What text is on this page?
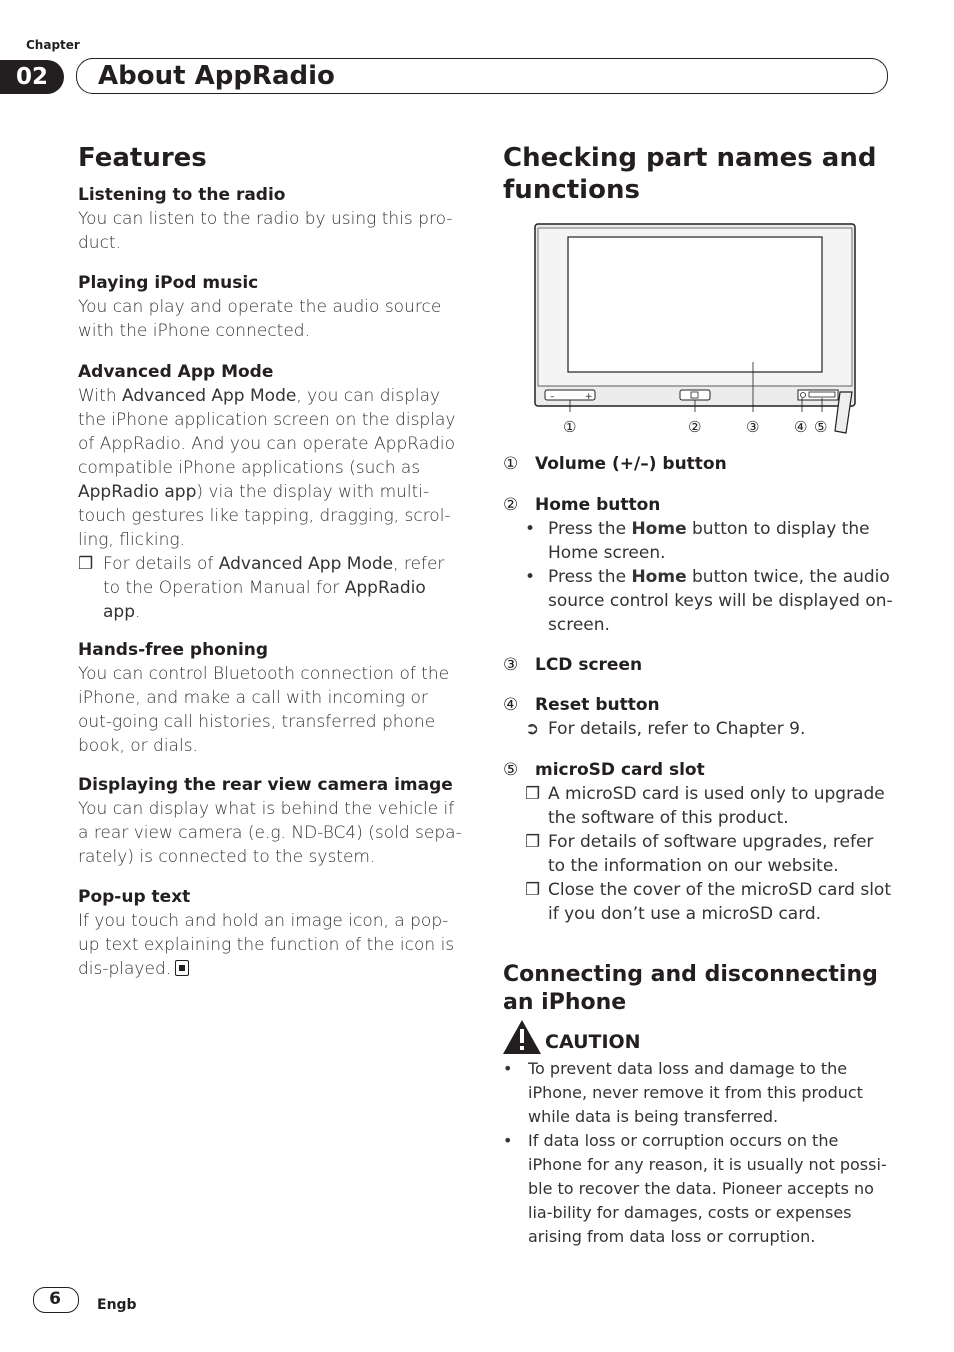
Chapter
02	About AppRadio
Features
Listening to the radio
You can listen to the radio by using this pro-duct.
Playing iPod music
You can play and operate the audio source with the iPhone connected.
Advanced App Mode
With Advanced App Mode, you can display the iPhone application screen on the display of AppRadio. And you can operate AppRadio compatible iPhone applications (such as AppRadio app) via the display with multi-touch gestures like tapping, dragging, scrol-ling, flicking.
❒ For details of Advanced App Mode, refer to the Operation Manual for AppRadio app.
Hands-free phoning
You can control Bluetooth connection of the iPhone, and make a call with incoming or out-going call histories, transferred phone book, or dials.
Displaying the rear view camera image
You can display what is behind the vehicle if a rear view camera (e.g. ND-BC4) (sold sepa-rately) is connected to the system.
Pop-up text
If you touch and hold an image icon, a pop-up text explaining the function of the icon is dis-played.
Checking part names and functions
–	+
①	②	③ ④ ⑤
① Volume (+/–) button
② Home button
• Press the Home button to display the Home screen.
• Press the Home button twice, the audio source control keys will be displayed on-screen.
③ LCD screen
④ Reset button
➲ For details, refer to Chapter 9.
⑤ microSD card slot
❒ A microSD card is used only to upgrade the software of this product.
❒ For details of software upgrades, refer to the information on our website.
❒ Close the cover of the microSD card slot if you don’t use a microSD card.
Connecting and disconnecting an iPhone
CAUTION
• To prevent data loss and damage to the iPhone, never remove it from this product while data is being transferred.
• If data loss or corruption occurs on the iPhone for any reason, it is usually not possi-ble to recover the data. Pioneer accepts no lia-bility for damages, costs or expenses arising from data loss or corruption.
6	Engb
